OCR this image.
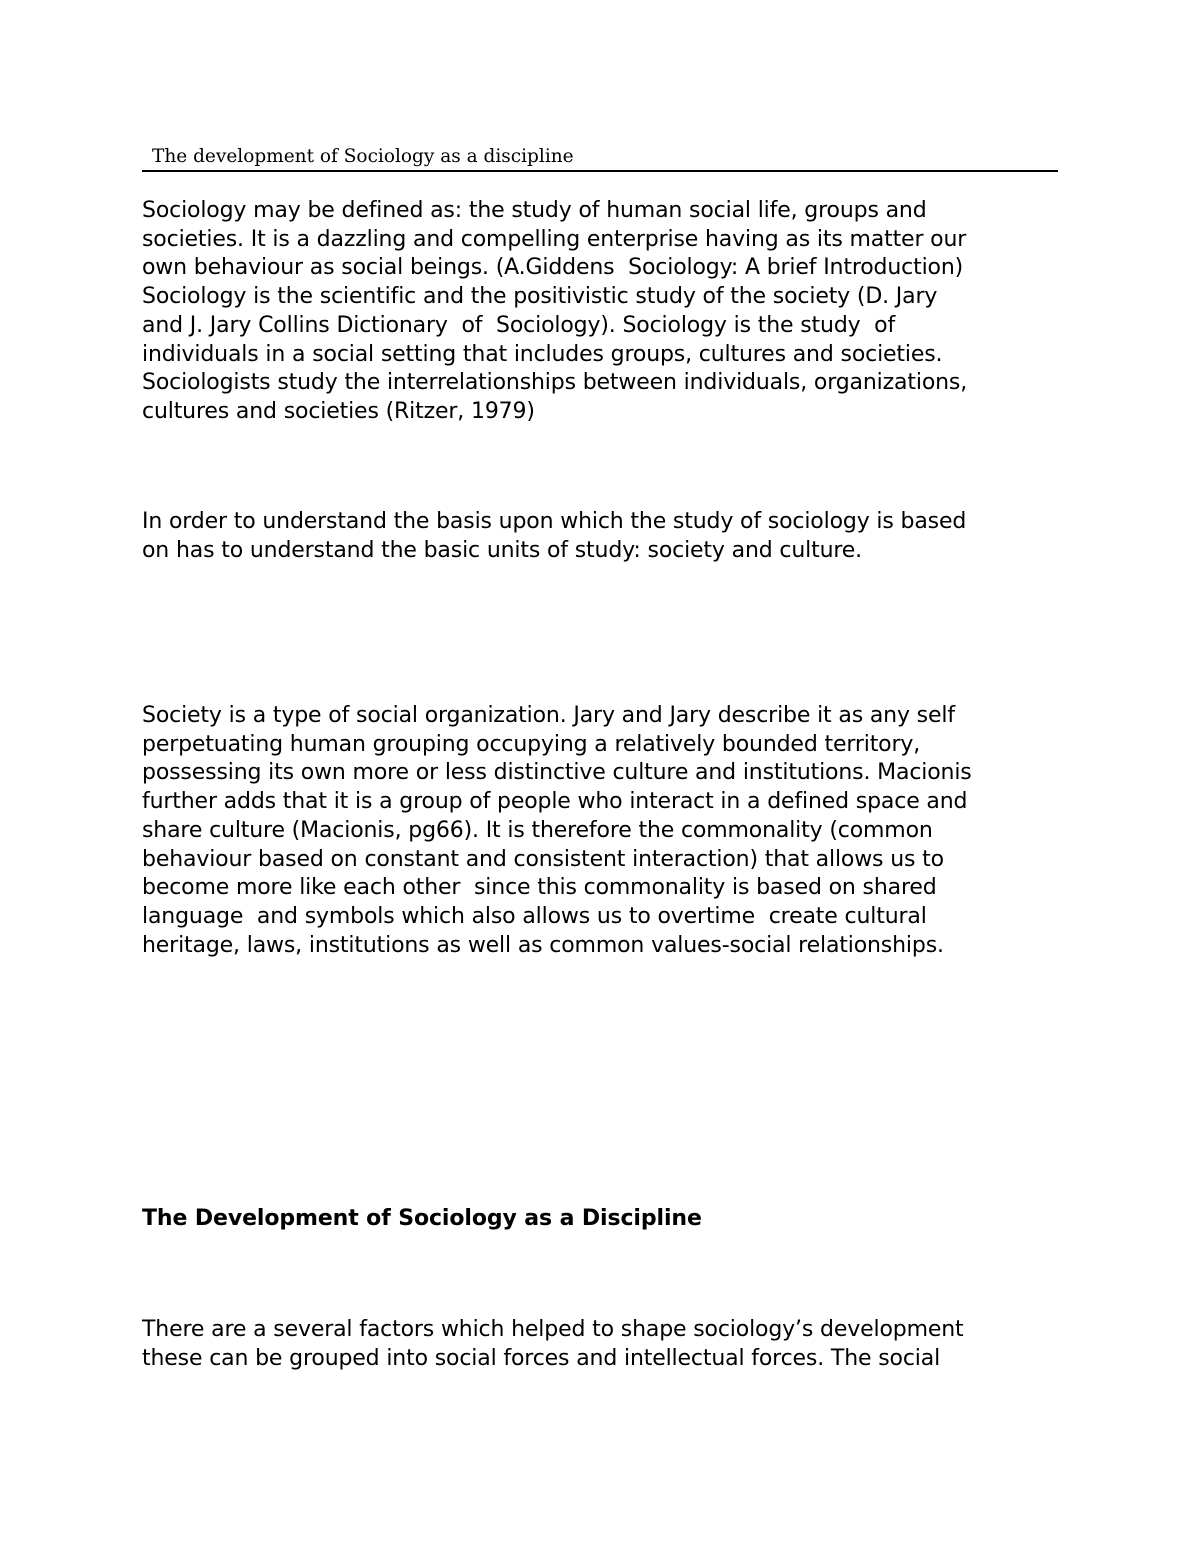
The development of Sociology as a discipline

Sociology may be defined as: the study of human social life, groups and
societies. It is a dazzling and compelling enterprise having as its matter our
own behaviour as social beings. (A.Giddens  Sociology: A brief Introduction)
Sociology is the scientific and the positivistic study of the society (D. Jary
and J. Jary Collins Dictionary  of  Sociology). Sociology is the study  of
individuals in a social setting that includes groups, cultures and societies.
Sociologists study the interrelationships between individuals, organizations,
cultures and societies (Ritzer, 1979)

In order to understand the basis upon which the study of sociology is based
on has to understand the basic units of study: society and culture.

Society is a type of social organization. Jary and Jary describe it as any self
perpetuating human grouping occupying a relatively bounded territory,
possessing its own more or less distinctive culture and institutions. Macionis
further adds that it is a group of people who interact in a defined space and
share culture (Macionis, pg66). It is therefore the commonality (common
behaviour based on constant and consistent interaction) that allows us to
become more like each other  since this commonality is based on shared
language  and symbols which also allows us to overtime  create cultural
heritage, laws, institutions as well as common values-social relationships.

The Development of Sociology as a Discipline

There are a several factors which helped to shape sociology’s development
these can be grouped into social forces and intellectual forces. The social
